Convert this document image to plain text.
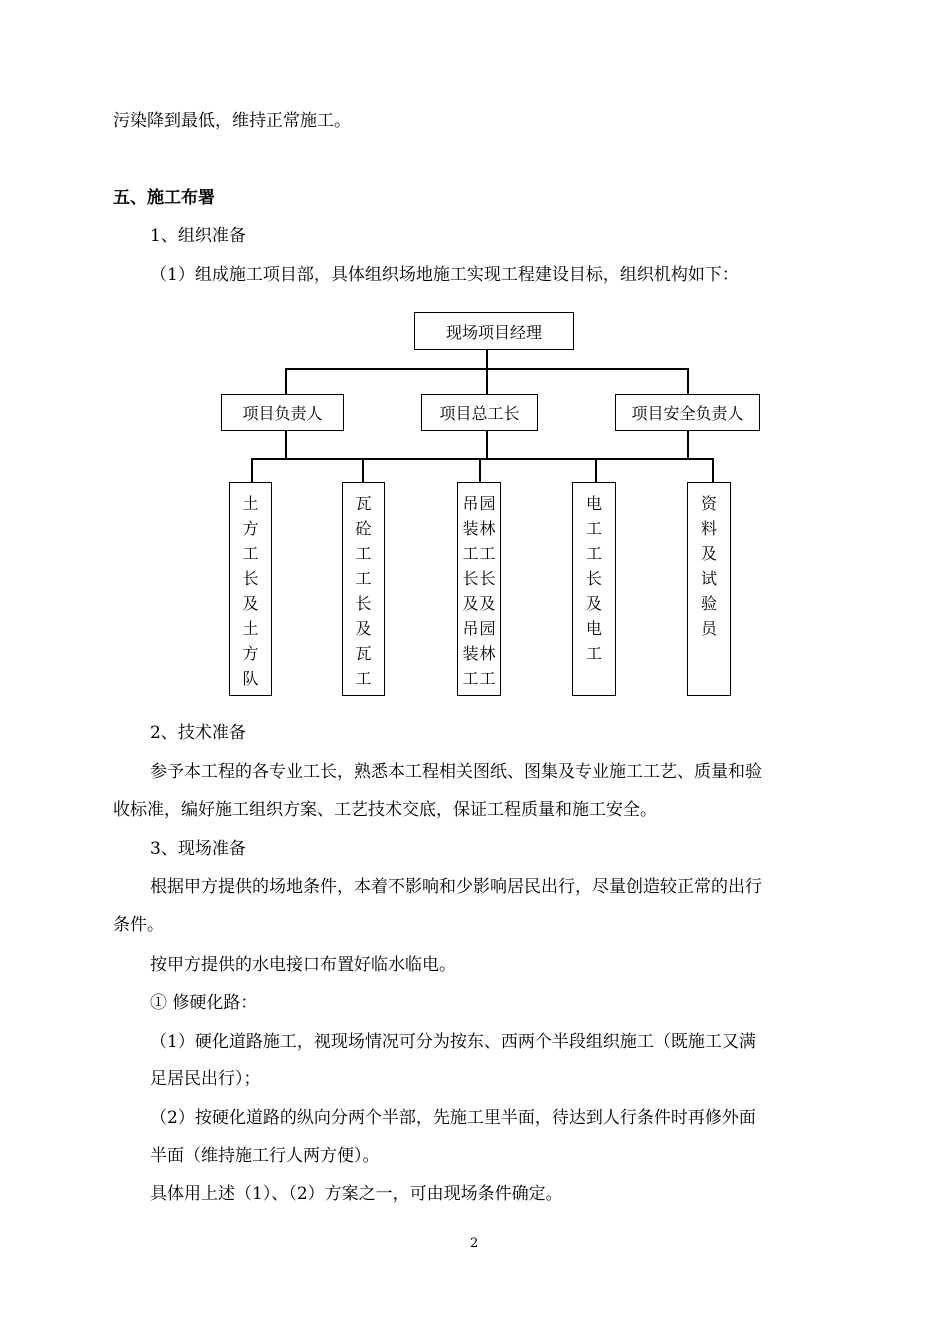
污染降到最低，维持正常施工。
五、施工布署
1、组织准备
（1）组成施工项目部，具体组织场地施工实现工程建设目标，组织机构如下：
现场项目经理
项目负责人	项目总工长	项目安全负责人
土
方
工
长
及
土
方
队
瓦
砼
工
工
长
及
瓦
工
吊
装
工
长
及
吊
装
工
园
林
工
长
及
园
林
工
电
工
工
长
及
电
工
资
料
及
试
验
员
2、技术准备
参予本工程的各专业工长，熟悉本工程相关图纸、图集及专业施工工艺、质量和验
收标准，编好施工组织方案、工艺技术交底，保证工程质量和施工安全。
3、现场准备
根据甲方提供的场地条件，本着不影响和少影响居民出行，尽量创造较正常的出行
条件。
按甲方提供的水电接口布置好临水临电。
① 修硬化路：
（1）硬化道路施工，视现场情况可分为按东、西两个半段组织施工（既施工又满
足居民出行）；
（2）按硬化道路的纵向分两个半部，先施工里半面，待达到人行条件时再修外面
半面（维持施工行人两方便）。
具体用上述（1）、（2）方案之一，可由现场条件确定。
2
